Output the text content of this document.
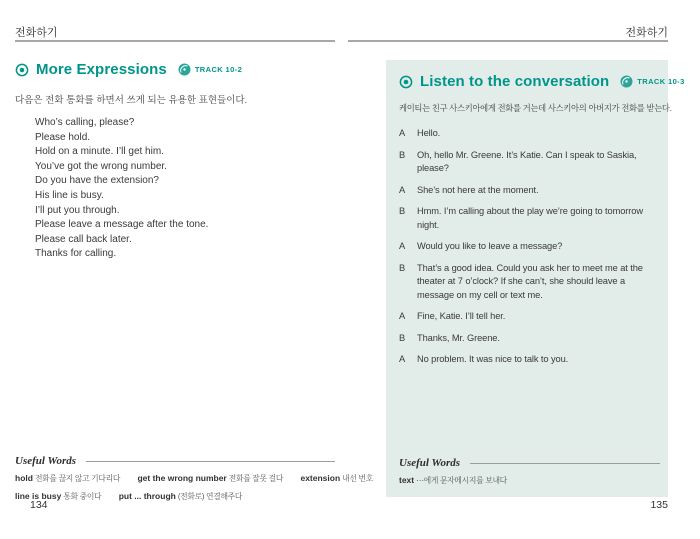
전화하기
More Expressions	TRACK 10-2
다음은 전화 통화를 하면서 쓰게 되는 유용한 표현들이다.
Who’s calling, please?
Please hold.
Hold on a minute. I’ll get him.
You’ve got the wrong number.
Do you have the extension?
His line is busy.
I’ll put you through.
Please leave a message after the tone.
Please call back later.
Thanks for calling.
Useful Words
hold 전화를 끊지 않고 기다리다 get the wrong number 전화를 잘못 걸다 extension 내선 번호
line is busy 통화 중이다 put ... through (전화로) 연결해주다
134
전화하기
Listen to the conversation	TRACK 10-3
케이티는 친구 사스키아에게 전화를 거는데 사스키아의 아버지가 전화를 받는다.
A	Hello.
B	Oh, hello Mr. Greene. It’s Katie. Can I speak to Saskia, please?
A	She’s not here at the moment.
B	Hmm. I’m calling about the play we’re going to tomorrow night.
A	Would you like to leave a message?
B	That’s a good idea. Could you ask her to meet me at the theater at 7 o’clock? If she can’t, she should leave a message on my cell or text me.
A	Fine, Katie. I’ll tell her.
B	Thanks, Mr. Greene.
A	No problem. It was nice to talk to you.
Useful Words
text ⋯에게 문자메시지를 보내다
135
